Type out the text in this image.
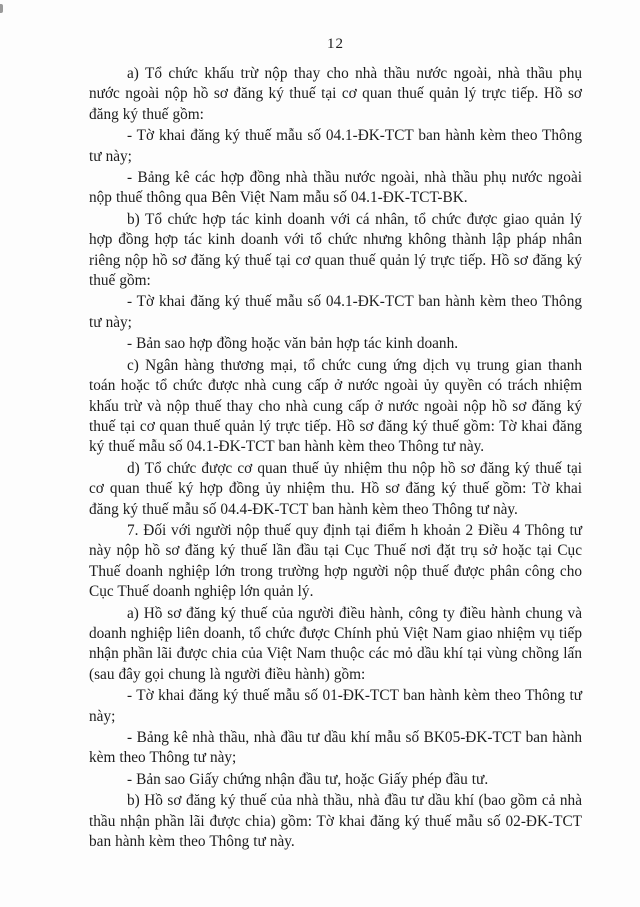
12

a) Tổ chức khấu trừ nộp thay cho nhà thầu nước ngoài, nhà thầu phụ nước ngoài nộp hồ sơ đăng ký thuế tại cơ quan thuế quản lý trực tiếp. Hồ sơ đăng ký thuế gồm:

- Tờ khai đăng ký thuế mẫu số 04.1-ĐK-TCT ban hành kèm theo Thông tư này;

- Bảng kê các hợp đồng nhà thầu nước ngoài, nhà thầu phụ nước ngoài nộp thuế thông qua Bên Việt Nam mẫu số 04.1-ĐK-TCT-BK.

b) Tổ chức hợp tác kinh doanh với cá nhân, tổ chức được giao quản lý hợp đồng hợp tác kinh doanh với tổ chức nhưng không thành lập pháp nhân riêng nộp hồ sơ đăng ký thuế tại cơ quan thuế quản lý trực tiếp. Hồ sơ đăng ký thuế gồm:

- Tờ khai đăng ký thuế mẫu số 04.1-ĐK-TCT ban hành kèm theo Thông tư này;

- Bản sao hợp đồng hoặc văn bản hợp tác kinh doanh.

c) Ngân hàng thương mại, tổ chức cung ứng dịch vụ trung gian thanh toán hoặc tổ chức được nhà cung cấp ở nước ngoài ủy quyền có trách nhiệm khấu trừ và nộp thuế thay cho nhà cung cấp ở nước ngoài nộp hồ sơ đăng ký thuế tại cơ quan thuế quản lý trực tiếp. Hồ sơ đăng ký thuế gồm: Tờ khai đăng ký thuế mẫu số 04.1-ĐK-TCT ban hành kèm theo Thông tư này.

d) Tổ chức được cơ quan thuế ủy nhiệm thu nộp hồ sơ đăng ký thuế tại cơ quan thuế ký hợp đồng ủy nhiệm thu. Hồ sơ đăng ký thuế gồm: Tờ khai đăng ký thuế mẫu số 04.4-ĐK-TCT ban hành kèm theo Thông tư này.

7. Đối với người nộp thuế quy định tại điểm h khoản 2 Điều 4 Thông tư này nộp hồ sơ đăng ký thuế lần đầu tại Cục Thuế nơi đặt trụ sở hoặc tại Cục Thuế doanh nghiệp lớn trong trường hợp người nộp thuế được phân công cho Cục Thuế doanh nghiệp lớn quản lý.

a) Hồ sơ đăng ký thuế của người điều hành, công ty điều hành chung và doanh nghiệp liên doanh, tổ chức được Chính phủ Việt Nam giao nhiệm vụ tiếp nhận phần lãi được chia của Việt Nam thuộc các mỏ dầu khí tại vùng chồng lấn (sau đây gọi chung là người điều hành) gồm:

- Tờ khai đăng ký thuế mẫu số 01-ĐK-TCT ban hành kèm theo Thông tư này;

- Bảng kê nhà thầu, nhà đầu tư dầu khí mẫu số BK05-ĐK-TCT ban hành kèm theo Thông tư này;

- Bản sao Giấy chứng nhận đầu tư, hoặc Giấy phép đầu tư.

b) Hồ sơ đăng ký thuế của nhà thầu, nhà đầu tư dầu khí (bao gồm cả nhà thầu nhận phần lãi được chia) gồm: Tờ khai đăng ký thuế mẫu số 02-ĐK-TCT ban hành kèm theo Thông tư này.
